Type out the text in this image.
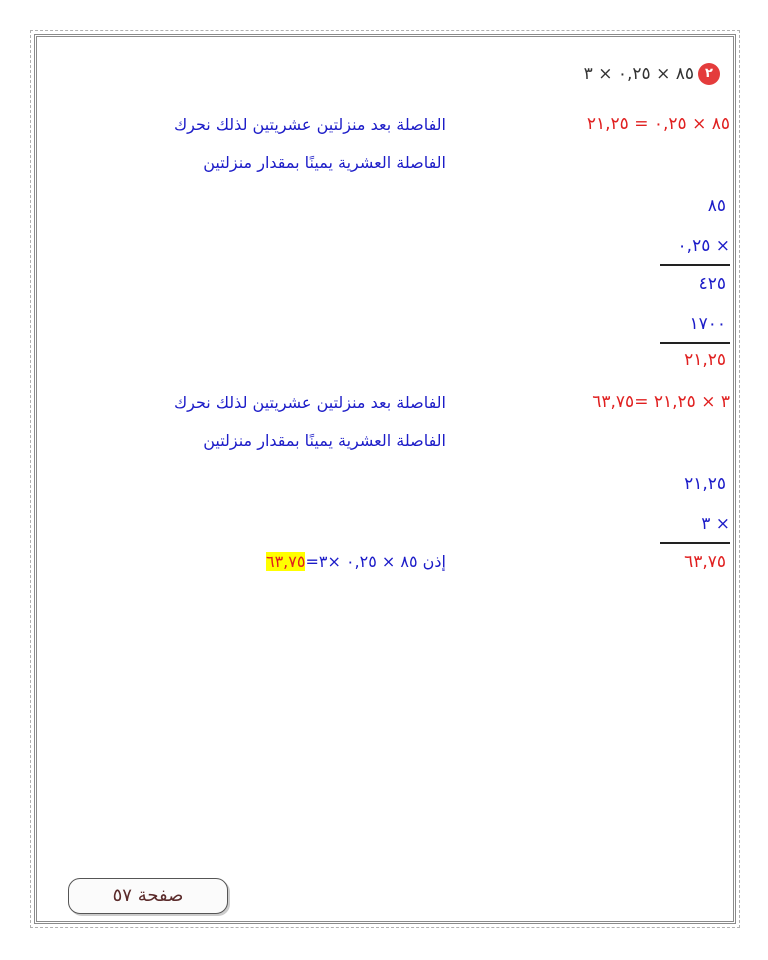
٢
٨٥ × ٠,٢٥ × ٣
٨٥ × ٠,٢٥ = ٢١,٢٥
الفاصلة بعد منزلتين عشريتين لذلك نحرك
الفاصلة العشرية يمينًا بمقدار منزلتين
٨٥
× ٠,٢٥
٤٢٥
١٧٠٠
٢١,٢٥
٣ × ٢١,٢٥ =٦٣,٧٥
الفاصلة بعد منزلتين عشريتين لذلك نحرك
الفاصلة العشرية يمينًا بمقدار منزلتين
٢١,٢٥
× ٣
٦٣,٧٥
إذن ٨٥ × ٠,٢٥ ×٣=٦٣,٧٥
صفحة ٥٧
